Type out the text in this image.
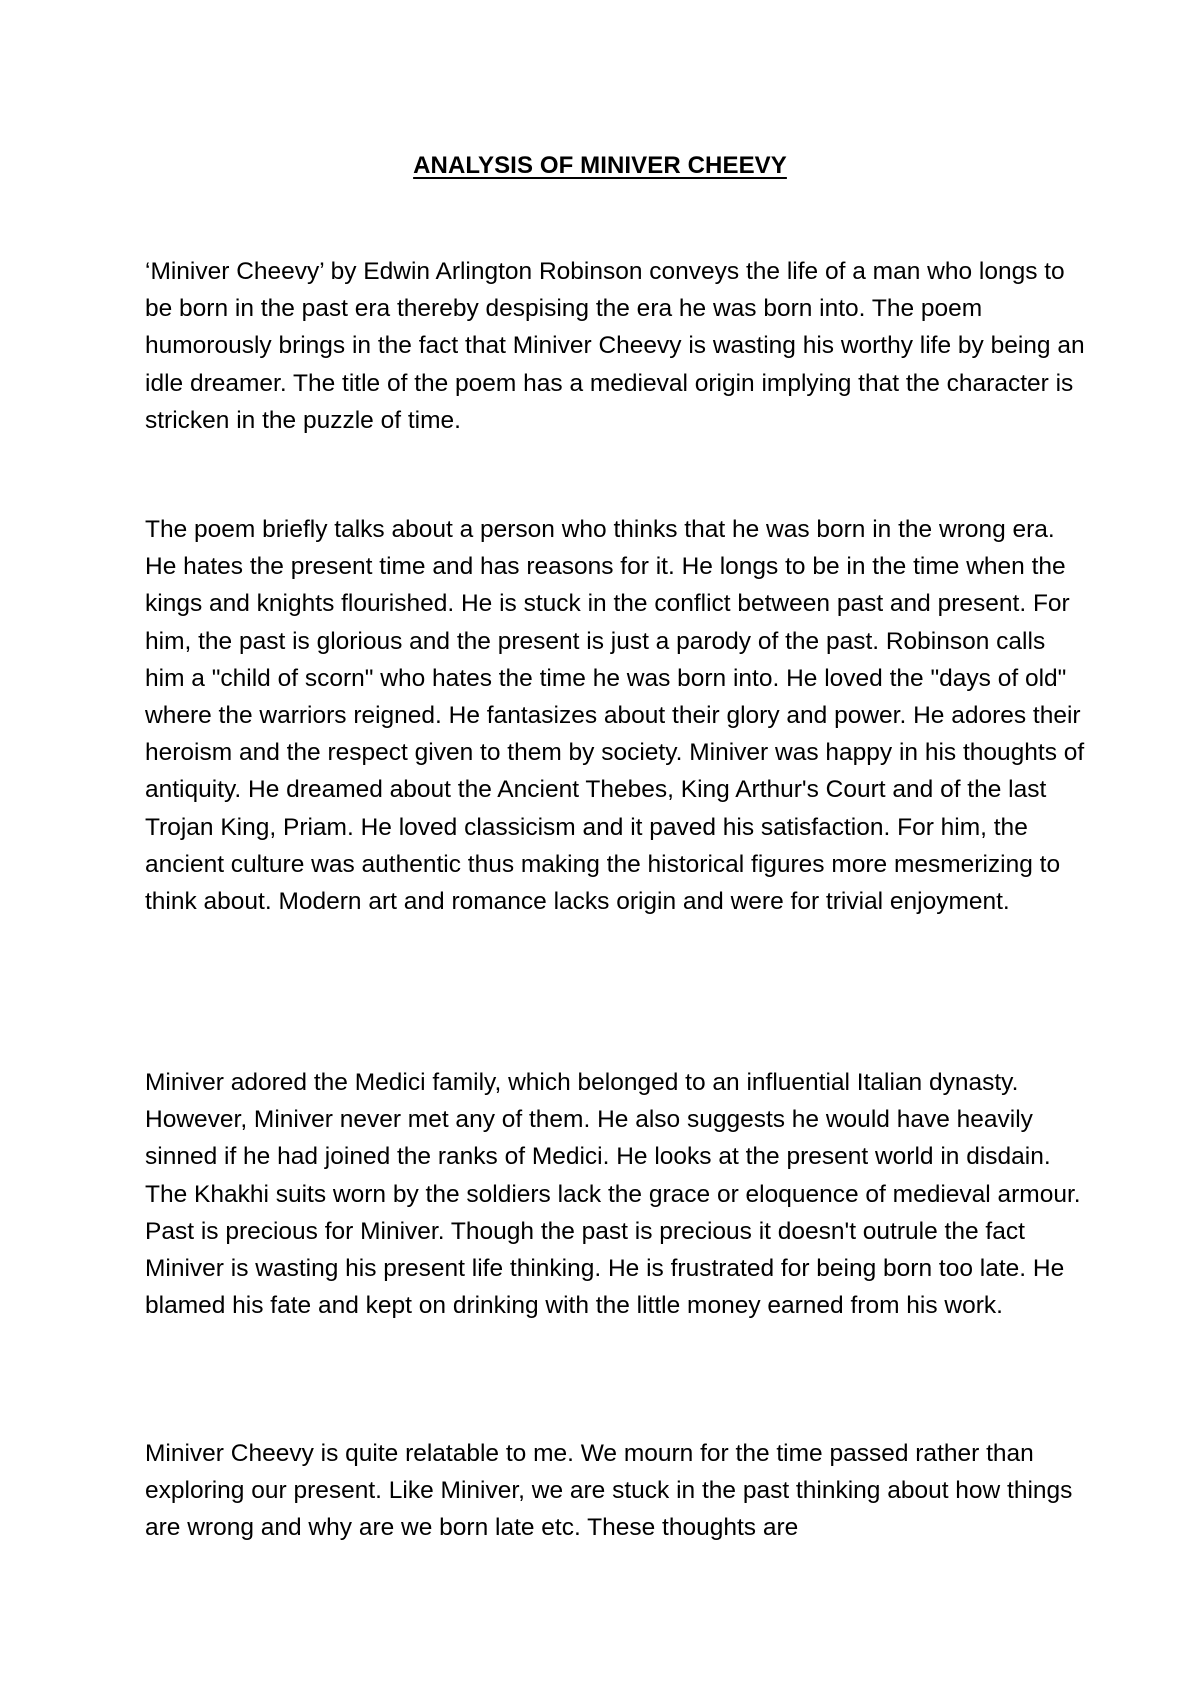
ANALYSIS OF MINIVER CHEEVY

‘Miniver Cheevy’ by Edwin Arlington Robinson conveys the life of a man who longs to be born in the past era thereby despising the era he was born into. The poem humorously brings in the fact that Miniver Cheevy is wasting his worthy life by being an idle dreamer. The title of the poem has a medieval origin implying that the character is stricken in the puzzle of time.

The poem briefly talks about a person who thinks that he was born in the wrong era. He hates the present time and has reasons for it. He longs to be in the time when the kings and knights flourished. He is stuck in the conflict between past and present. For him, the past is glorious and the present is just a parody of the past. Robinson calls him a "child of scorn" who hates the time he was born into. He loved the "days of old" where the warriors reigned. He fantasizes about their glory and power. He adores their heroism and the respect given to them by society. Miniver was happy in his thoughts of antiquity. He dreamed about the Ancient Thebes, King Arthur's Court and of the last Trojan King, Priam. He loved classicism and it paved his satisfaction. For him, the ancient culture was authentic thus making the historical figures more mesmerizing to think about. Modern art and romance lacks origin and were for trivial enjoyment.

Miniver adored the Medici family, which belonged to an influential Italian dynasty. However, Miniver never met any of them. He also suggests he would have heavily sinned if he had joined the ranks of Medici. He looks at the present world in disdain. The Khakhi suits worn by the soldiers lack the grace or eloquence of medieval armour. Past is precious for Miniver. Though the past is precious it doesn't outrule the fact Miniver is wasting his present life thinking. He is frustrated for being born too late. He blamed his fate and kept on drinking with the little money earned from his work.

Miniver Cheevy is quite relatable to me. We mourn for the time passed rather than exploring our present. Like Miniver, we are stuck in the past thinking about how things are wrong and why are we born late etc. These thoughts are
